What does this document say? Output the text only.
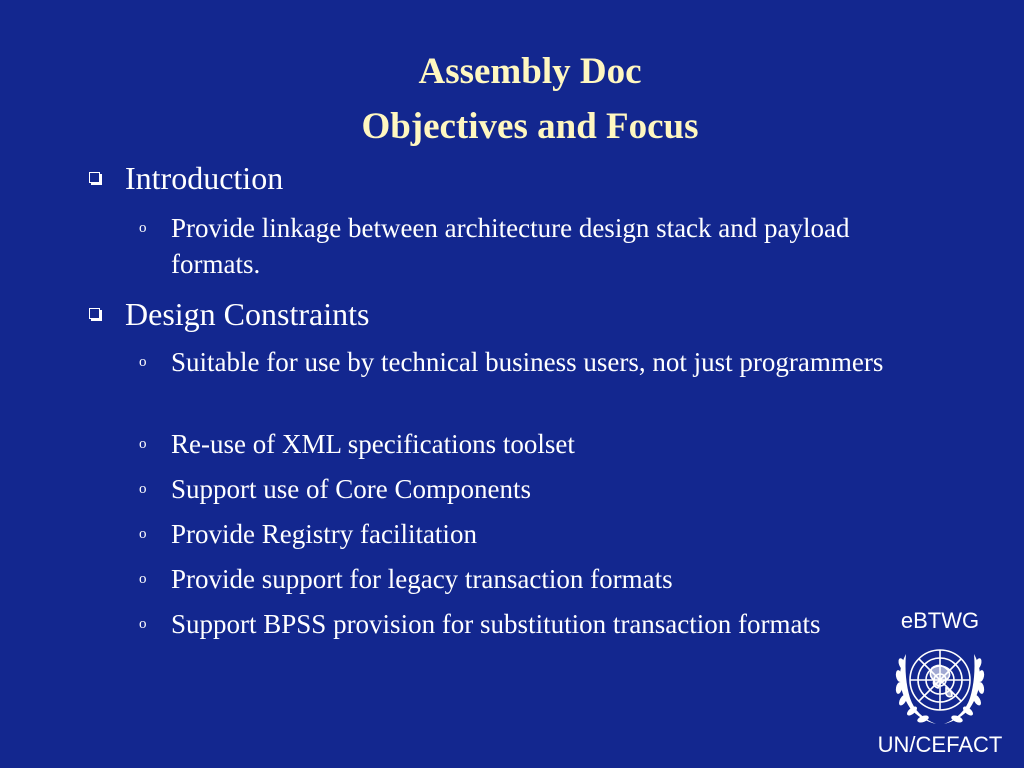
Assembly Doc
Objectives and Focus
Introduction
o Provide linkage between architecture design stack and payload formats.
Design Constraints
o Suitable for use by technical business users, not just programmers
o Re-use of XML specifications toolset
o Support use of Core Components
o Provide Registry facilitation
o Provide support for legacy transaction formats
o Support BPSS provision for substitution transaction formats	eBTWG
UN/CEFACT
